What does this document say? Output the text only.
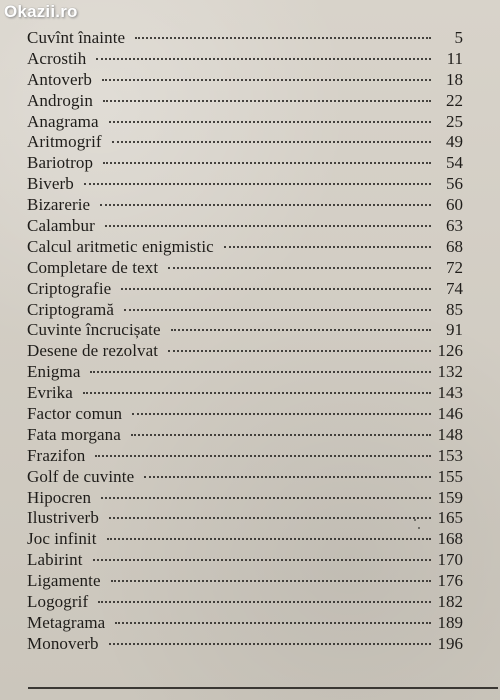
Okazii.ro
Cuvînt înainte	5
Acrostih	11
Antoverb	18
Androgin	22
Anagrama	25
Aritmogrif	49
Bariotrop	54
Biverb	56
Bizarerie	60
Calambur	63
Calcul aritmetic enigmistic	68
Completare de text	72
Criptografie	74
Criptogramă	85
Cuvinte încrucișate	91
Desene de rezolvat	126
Enigma	132
Evrika	143
Factor comun	146
Fata morgana	148
Frazifon	153
Golf de cuvinte	155
Hipocren	159
Ilustriverb	165
Joc infinit	168
Labirint	170
Ligamente	176
Logogrif	182
Metagrama	189
Monoverb	196
